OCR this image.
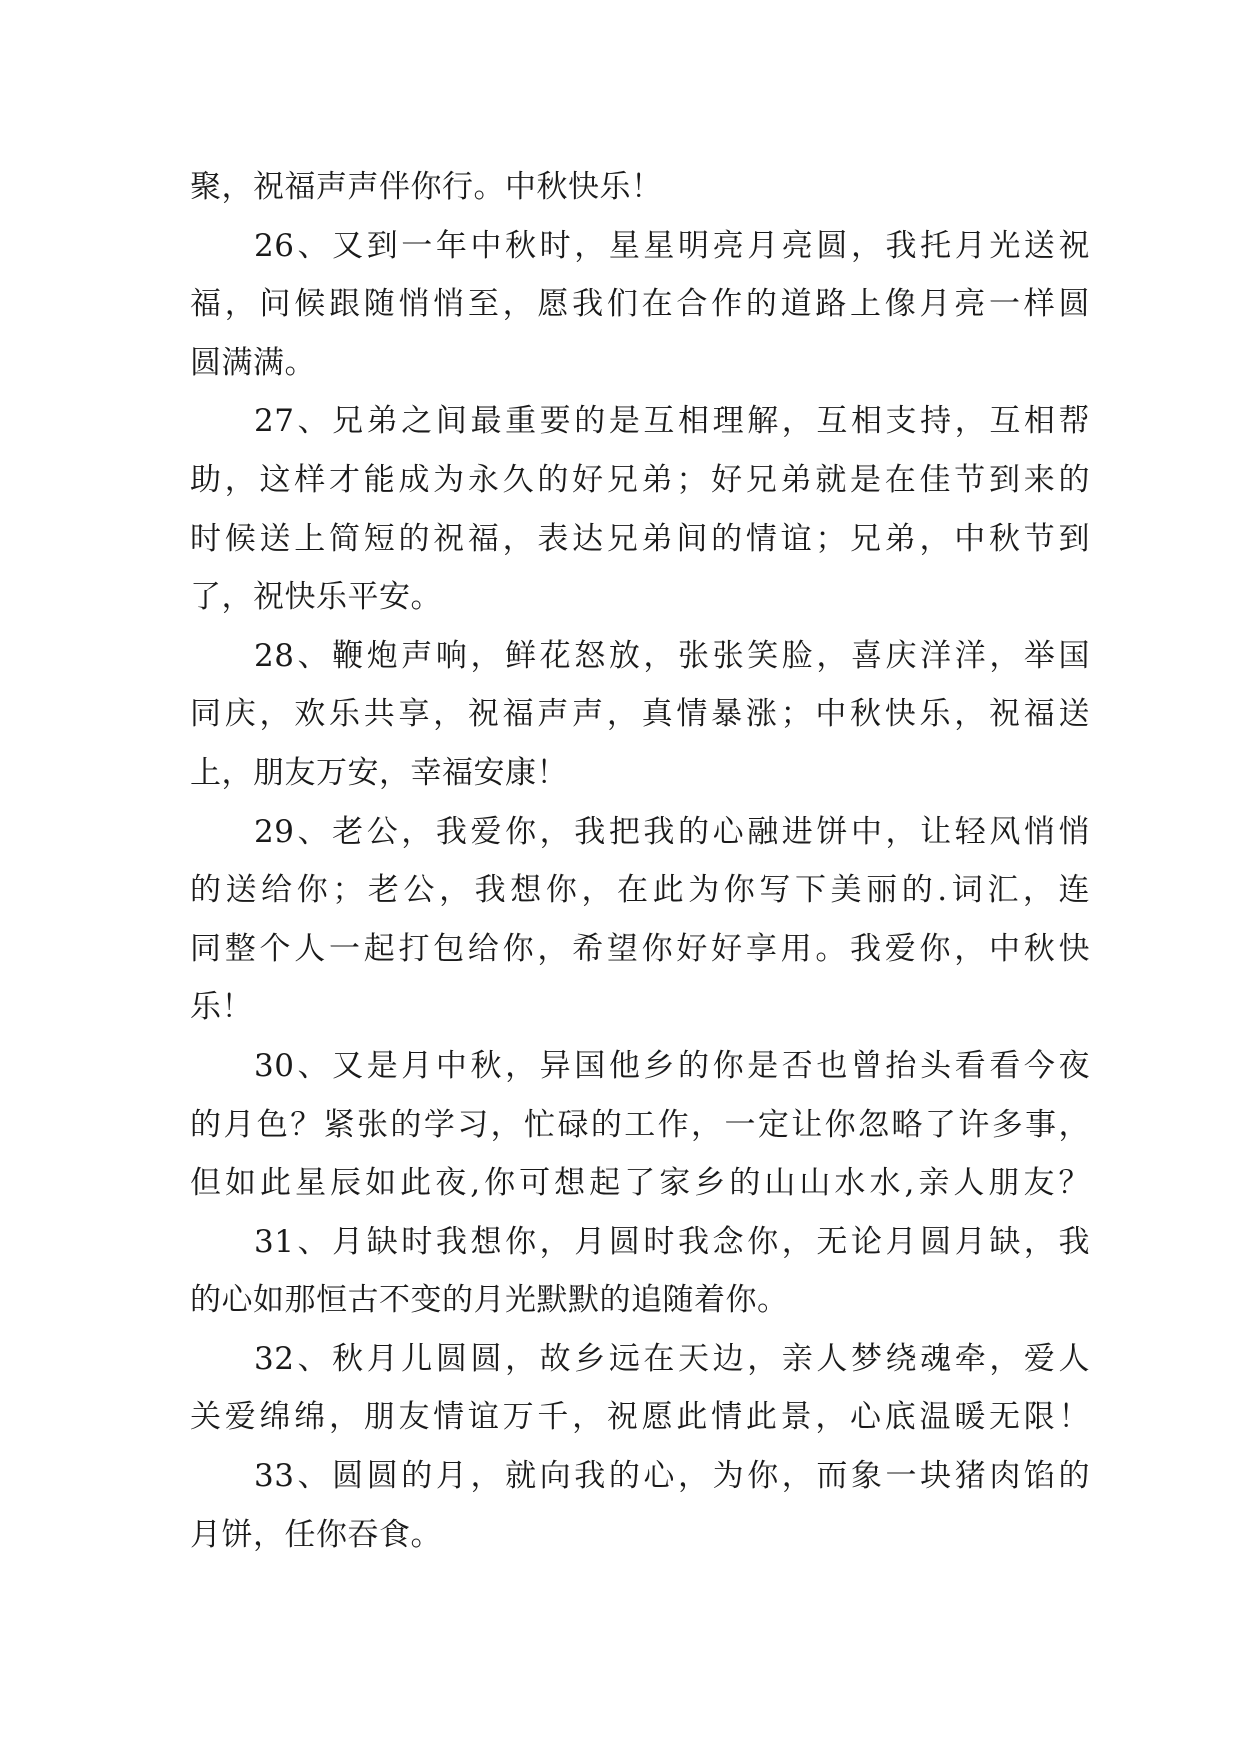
聚，祝福声声伴你行。中秋快乐！
26、又到一年中秋时，星星明亮月亮圆，我托月光送祝
福，问候跟随悄悄至，愿我们在合作的道路上像月亮一样圆
圆满满。
27、兄弟之间最重要的是互相理解，互相支持，互相帮
助，这样才能成为永久的好兄弟；好兄弟就是在佳节到来的
时候送上简短的祝福，表达兄弟间的情谊；兄弟，中秋节到
了，祝快乐平安。
28、鞭炮声响，鲜花怒放，张张笑脸，喜庆洋洋，举国
同庆，欢乐共享，祝福声声，真情暴涨；中秋快乐，祝福送
上，朋友万安，幸福安康！
29、老公，我爱你，我把我的心融进饼中，让轻风悄悄
的送给你；老公，我想你，在此为你写下美丽的.词汇，连
同整个人一起打包给你，希望你好好享用。我爱你，中秋快
乐！
30、又是月中秋，异国他乡的你是否也曾抬头看看今夜
的月色？紧张的学习，忙碌的工作，一定让你忽略了许多事，
但如此星辰如此夜,你可想起了家乡的山山水水,亲人朋友？
31、月缺时我想你，月圆时我念你，无论月圆月缺，我
的心如那恒古不变的月光默默的追随着你。
32、秋月儿圆圆，故乡远在天边，亲人梦绕魂牵，爱人
关爱绵绵，朋友情谊万千，祝愿此情此景，心底温暖无限！
33、圆圆的月，就向我的心，为你，而象一块猪肉馅的
月饼，任你吞食。
